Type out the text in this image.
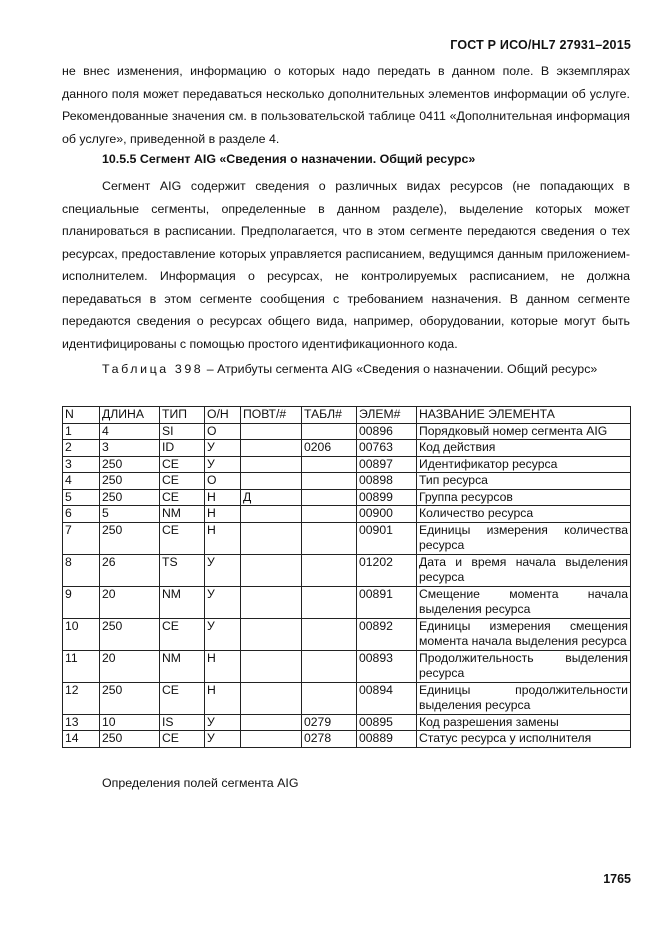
ГОСТ Р ИСО/HL7 27931–2015
не внес изменения, информацию о которых надо передать в данном поле. В экземплярах данного поля может передаваться несколько дополнительных элементов информации об услуге. Рекомендованные значения см. в пользовательской таблице 0411 «Дополнительная информация об услуге», приведенной в разделе 4.
10.5.5 Сегмент AIG «Сведения о назначении. Общий ресурс»
Сегмент AIG содержит сведения о различных видах ресурсов (не попадающих в специальные сегменты, определенные в данном разделе), выделение которых может планироваться в расписании. Предполагается, что в этом сегменте передаются сведения о тех ресурсах, предоставление которых управляется расписанием, ведущимся данным приложением-исполнителем. Информация о ресурсах, не контролируемых расписанием, не должна передаваться в этом сегменте сообщения с требованием назначения. В данном сегменте передаются сведения о ресурсах общего вида, например, оборудовании, которые могут быть идентифицированы с помощью простого идентификационного кода.
Таблица 398 – Атрибуты сегмента AIG «Сведения о назначении. Общий ресурс»
N	ДЛИНА	ТИП	О/Н	ПОВТ/#	ТАБЛ#	ЭЛЕМ#	НАЗВАНИЕ ЭЛЕМЕНТА
1	4	SI	О			00896	Порядковый номер сегмента AIG
2	3	ID	У		0206	00763	Код действия
3	250	CE	У			00897	Идентификатор ресурса
4	250	CE	О			00898	Тип ресурса
5	250	CE	Н	Д		00899	Группа ресурсов
6	5	NM	Н			00900	Количество ресурса
7	250	CE	Н			00901	Единицы измерения количества ресурса
8	26	TS	У			01202	Дата и время начала выделения ресурса
9	20	NM	У			00891	Смещение момента начала выделения ресурса
10	250	CE	У			00892	Единицы измерения смещения момента начала выделения ресурса
11	20	NM	Н			00893	Продолжительность выделения ресурса
12	250	CE	Н			00894	Единицы продолжительности выделения ресурса
13	10	IS	У		0279	00895	Код разрешения замены
14	250	CE	У		0278	00889	Статус ресурса у исполнителя
Определения полей сегмента AIG
1765
